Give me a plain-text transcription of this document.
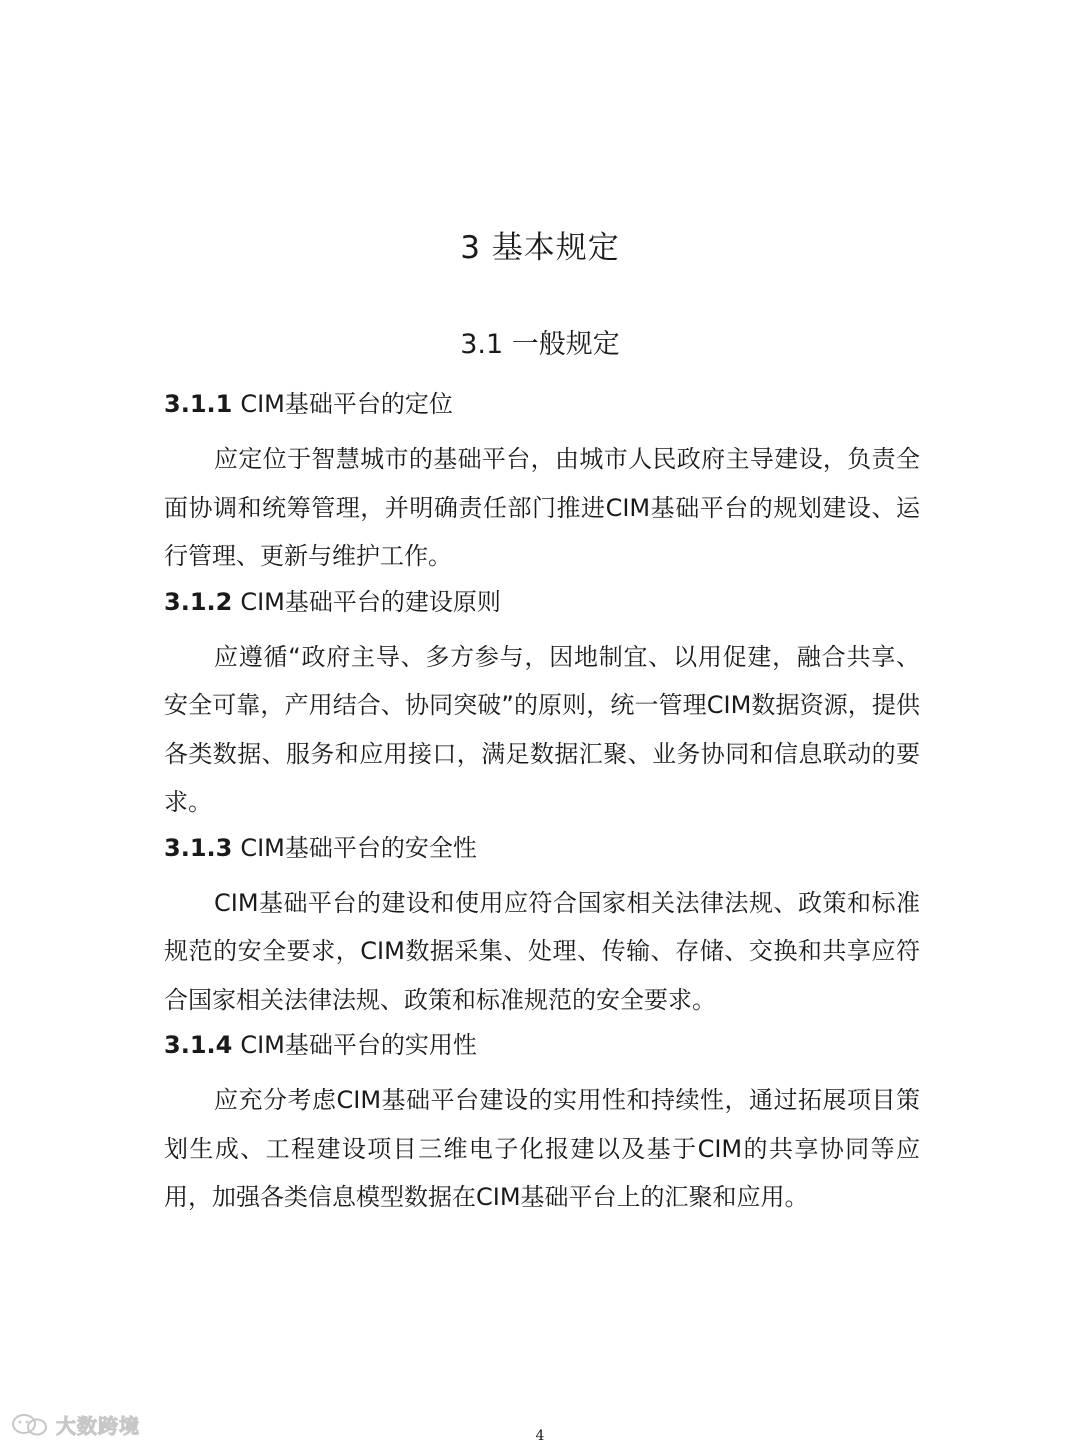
3 基本规定
3.1 一般规定

3.1.1 CIM基础平台的定位

应定位于智慧城市的基础平台，由城市人民政府主导建设，负责全面协调和统筹管理，并明确责任部门推进CIM基础平台的规划建设、运行管理、更新与维护工作。

3.1.2 CIM基础平台的建设原则

应遵循“政府主导、多方参与，因地制宜、以用促建，融合共享、安全可靠，产用结合、协同突破”的原则，统一管理CIM数据资源，提供各类数据、服务和应用接口，满足数据汇聚、业务协同和信息联动的要求。

3.1.3 CIM基础平台的安全性

CIM基础平台的建设和使用应符合国家相关法律法规、政策和标准规范的安全要求，CIM数据采集、处理、传输、存储、交换和共享应符合国家相关法律法规、政策和标准规范的安全要求。

3.1.4 CIM基础平台的实用性

应充分考虑CIM基础平台建设的实用性和持续性，通过拓展项目策划生成、工程建设项目三维电子化报建以及基于CIM的共享协同等应用，加强各类信息模型数据在CIM基础平台上的汇聚和应用。

大数跨境	4
